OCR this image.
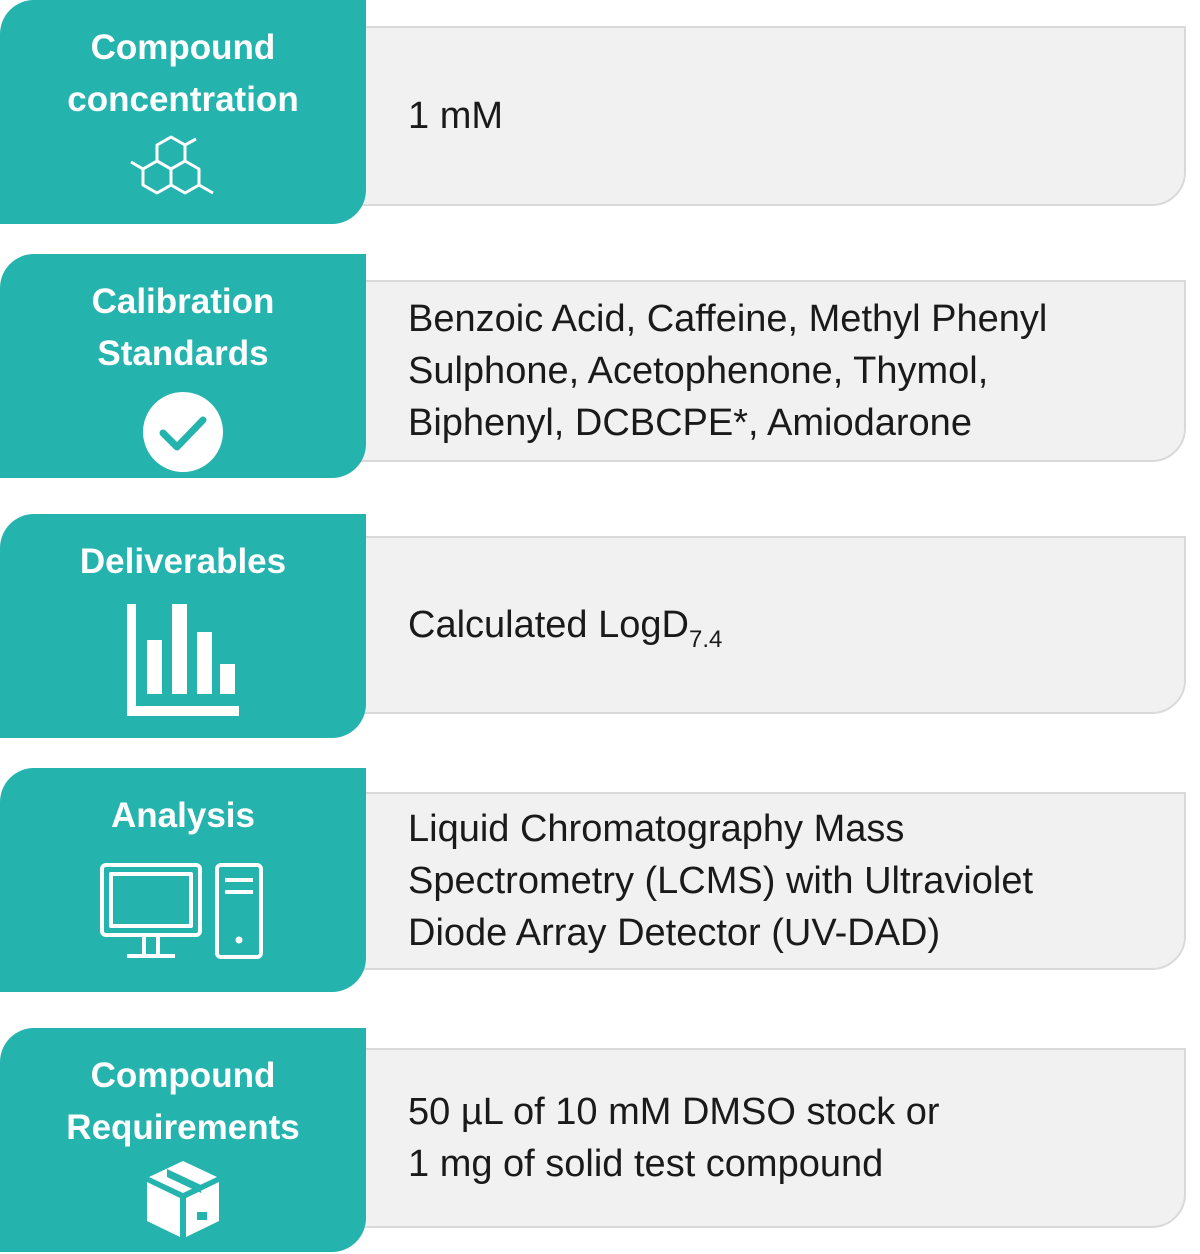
1 mM
Compound
concentration
Benzoic Acid, Caffeine, Methyl Phenyl
Sulphone, Acetophenone, Thymol,
Biphenyl, DCBCPE*, Amiodarone
Calibration
Standards
Calculated LogD$_{7.4}$
Deliverables
Liquid Chromatography Mass
Spectrometry (LCMS) with Ultraviolet
Diode Array Detector (UV-DAD)
Analysis
50 µL of 10 mM DMSO stock or
1 mg of solid test compound
Compound
Requirements
